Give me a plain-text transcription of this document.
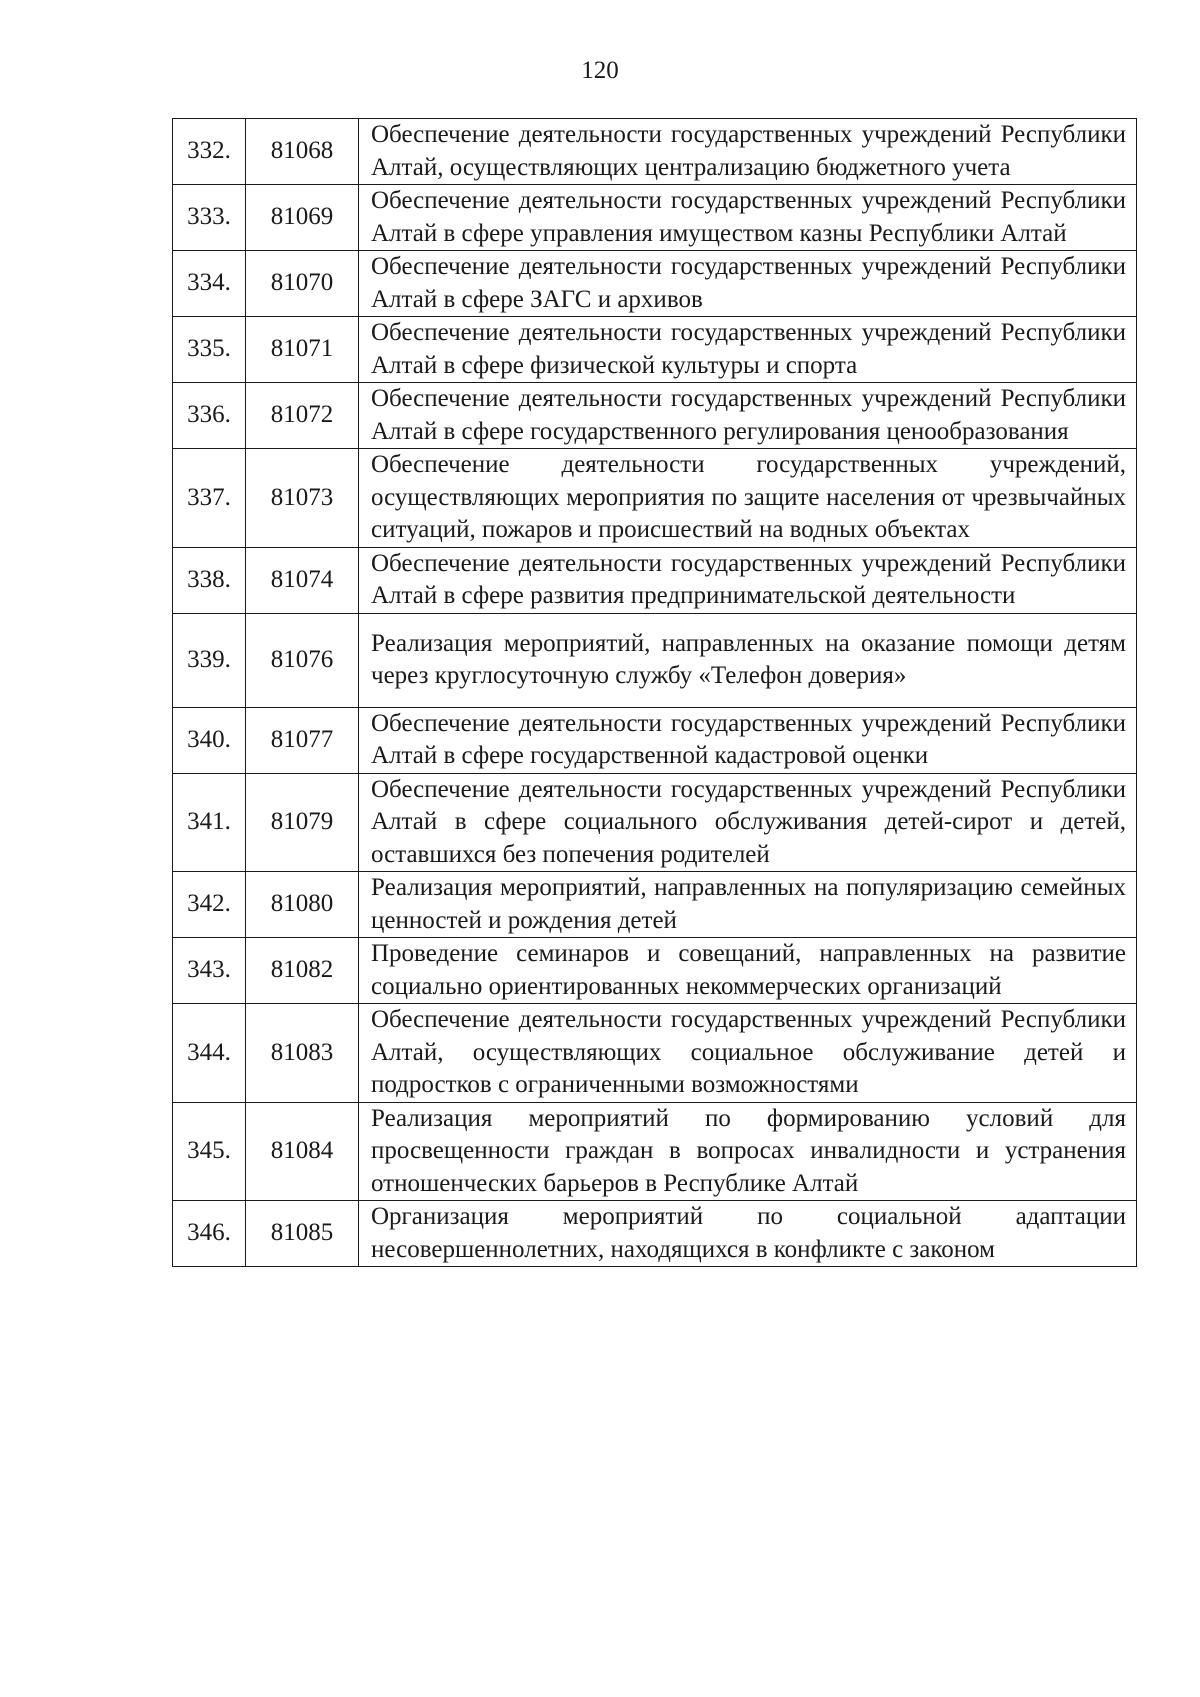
120
332.	81068	Обеспечение деятельности государственных учреждений Республики Алтай, осуществляющих централизацию бюджетного учета
333.	81069	Обеспечение деятельности государственных учреждений Республики Алтай в сфере управления имуществом казны Республики Алтай
334.	81070	Обеспечение деятельности государственных учреждений Республики Алтай в сфере ЗАГС и архивов
335.	81071	Обеспечение деятельности государственных учреждений Республики Алтай в сфере физической культуры и спорта
336.	81072	Обеспечение деятельности государственных учреждений Республики Алтай в сфере государственного регулирования ценообразования
337.	81073	Обеспечение деятельности государственных учреждений, осуществляющих мероприятия по защите населения от чрезвычайных ситуаций, пожаров и происшествий на водных объектах
338.	81074	Обеспечение деятельности государственных учреждений Республики Алтай в сфере развития предпринимательской деятельности
339.	81076	Реализация мероприятий, направленных на оказание помощи детям через круглосуточную службу «Телефон доверия»
340.	81077	Обеспечение деятельности государственных учреждений Республики Алтай в сфере государственной кадастровой оценки
341.	81079	Обеспечение деятельности государственных учреждений Республики Алтай в сфере социального обслуживания детей-сирот и детей, оставшихся без попечения родителей
342.	81080	Реализация мероприятий, направленных на популяризацию семейных ценностей и рождения детей
343.	81082	Проведение семинаров и совещаний, направленных на развитие социально ориентированных некоммерческих организаций
344.	81083	Обеспечение деятельности государственных учреждений Республики Алтай, осуществляющих социальное обслуживание детей и подростков с ограниченными возможностями
345.	81084	Реализация мероприятий по формированию условий для просвещенности граждан в вопросах инвалидности и устранения отношенческих барьеров в Республике Алтай
346.	81085	Организация мероприятий по социальной адаптации несовершеннолетних, находящихся в конфликте с законом
